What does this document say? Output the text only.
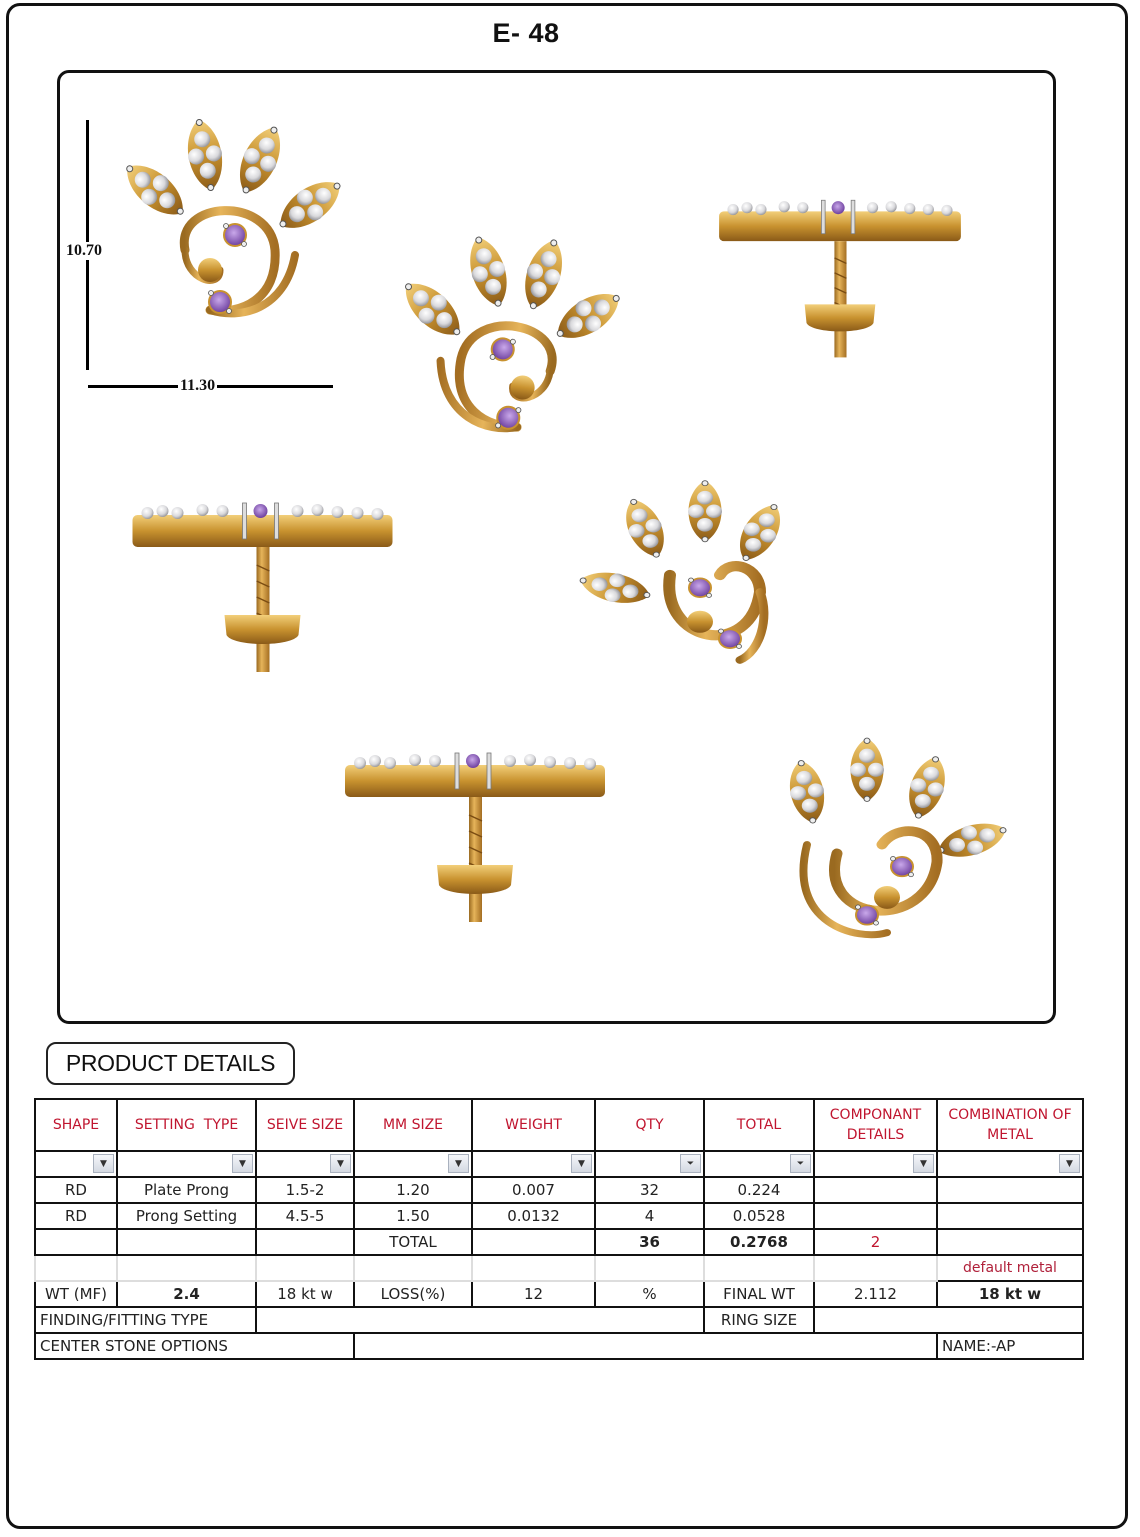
E- 48
10.70
11.30
PRODUCT DETAILS
SHAPE	SETTING  TYPE	SEIVE SIZE	MM SIZE	WEIGHT	QTY	TOTAL	COMPONANT DETAILS	COMBINATION OF METAL

▼	▼	▼	▼	▼	⏷	⏷	▼	▼

RD	Plate Prong	1.5-2	1.20	0.007	32	0.224		
RD	Prong Setting	4.5-5	1.50	0.0132	4	0.0528		
			TOTAL		36	0.2768	2	
								default metal
WT (MF)	2.4	18 kt w	LOSS(%)	12	%	FINAL WT	2.112	18 kt w
FINDING/FITTING TYPE						RING SIZE		
CENTER STONE OPTIONS								NAME:-AP
